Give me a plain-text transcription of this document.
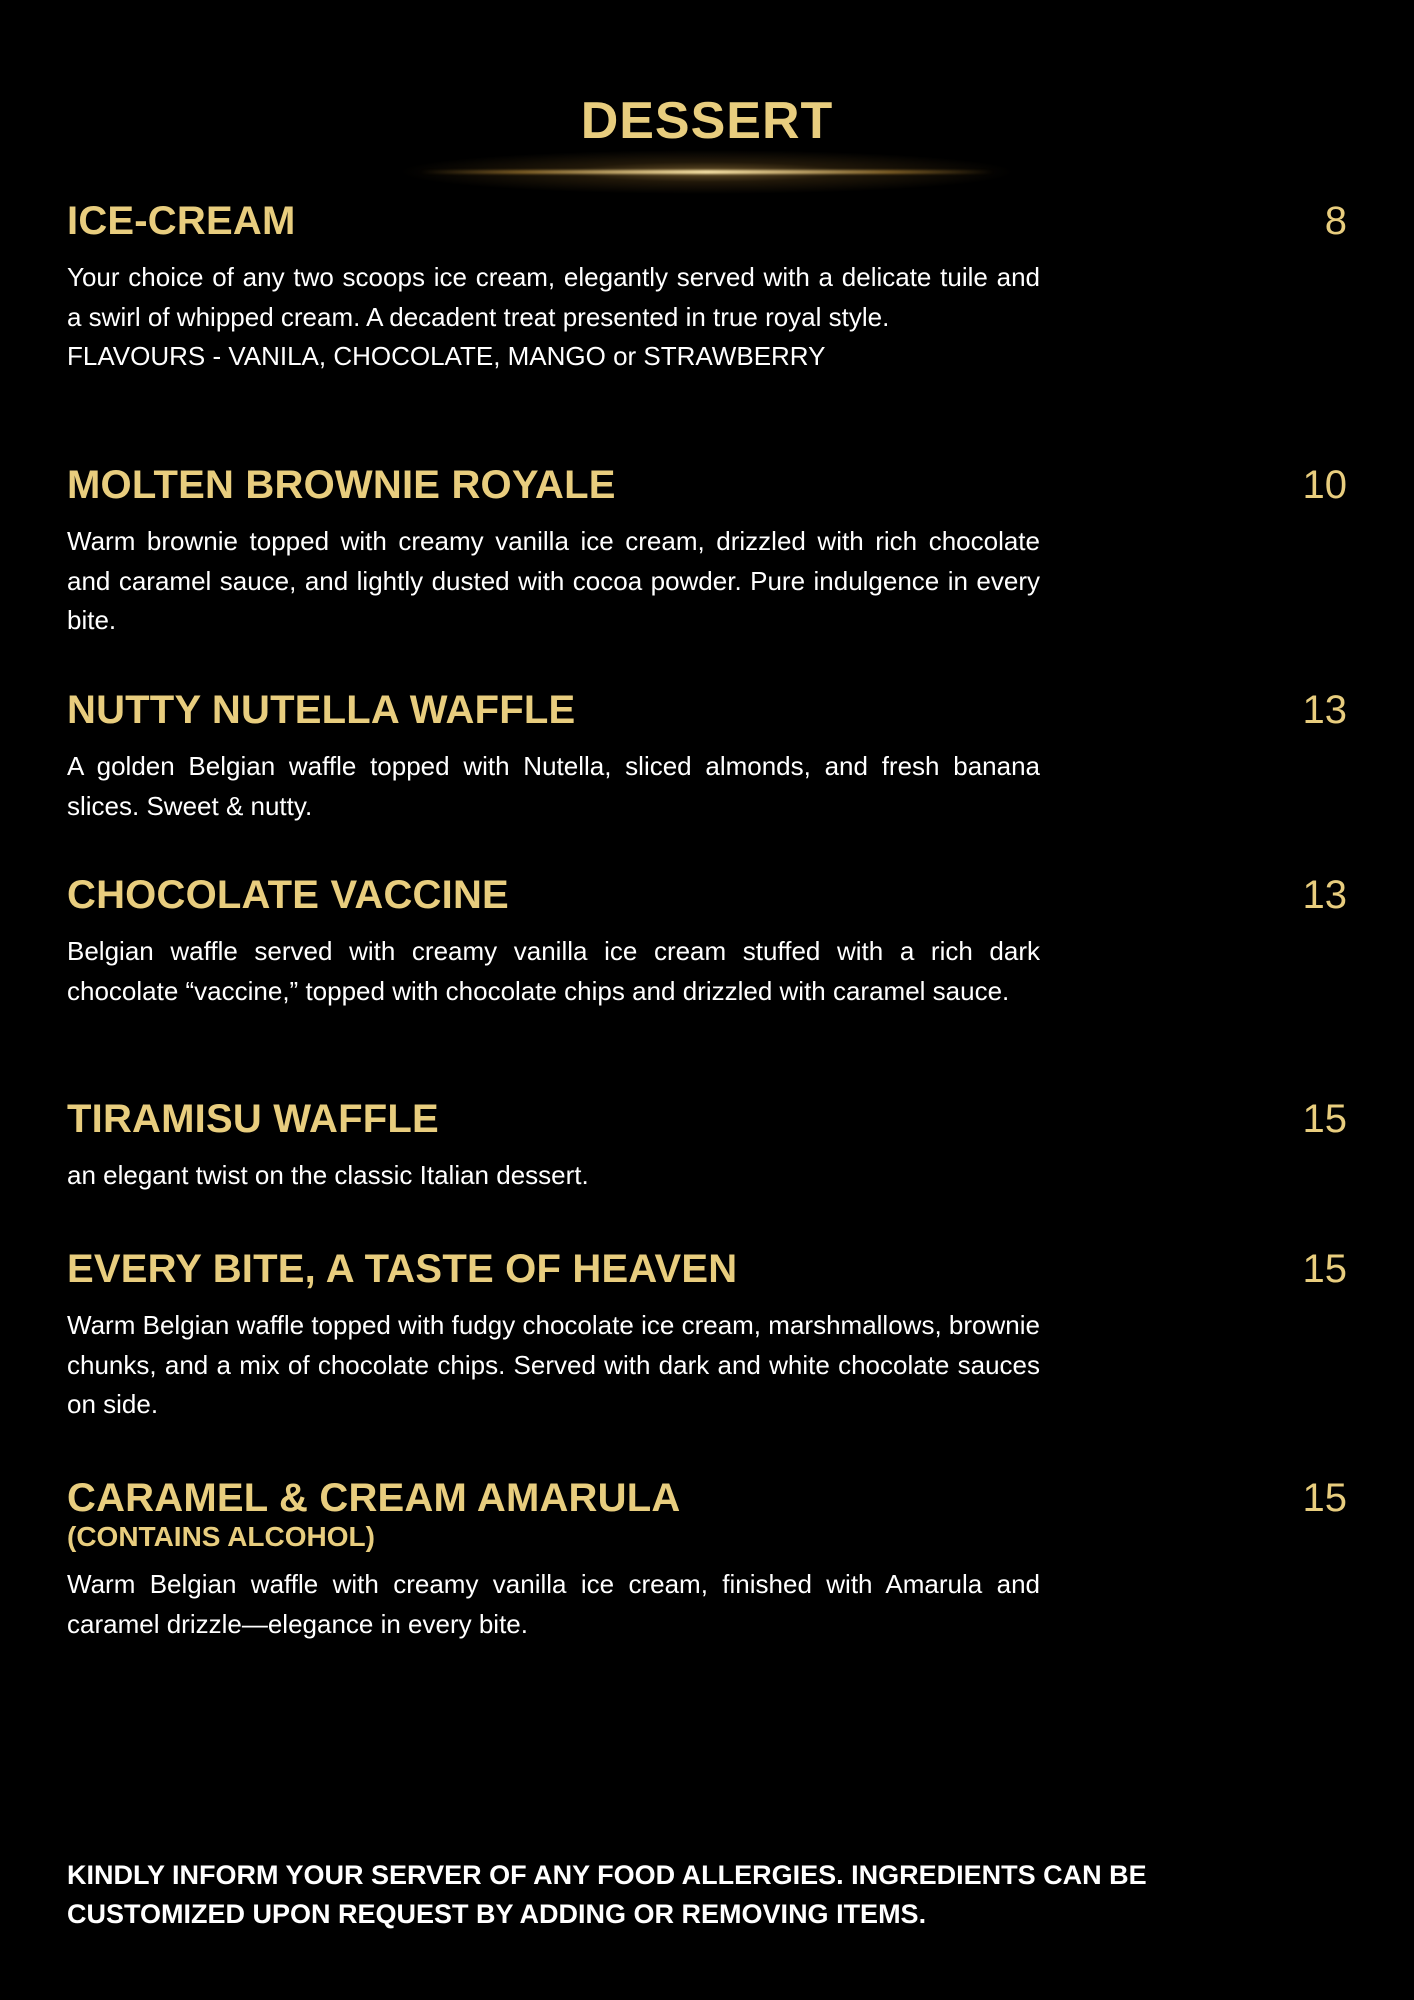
DESSERT
ICE-CREAM	8
Your choice of any two scoops ice cream, elegantly served with a delicate tuile and a swirl of whipped cream. A decadent treat presented in true royal style.
FLAVOURS - VANILA, CHOCOLATE, MANGO or STRAWBERRY
MOLTEN BROWNIE ROYALE	10
Warm brownie topped with creamy vanilla ice cream, drizzled with rich chocolate and caramel sauce, and lightly dusted with cocoa powder. Pure indulgence in every bite.
NUTTY NUTELLA WAFFLE	13
A golden Belgian waffle topped with Nutella, sliced almonds, and fresh banana slices. Sweet & nutty.
CHOCOLATE VACCINE	13
Belgian waffle served with creamy vanilla ice cream stuffed with a rich dark chocolate “vaccine,” topped with chocolate chips and drizzled with caramel sauce.
TIRAMISU WAFFLE	15
an elegant twist on the classic Italian dessert.
EVERY BITE, A TASTE OF HEAVEN	15
Warm Belgian waffle topped with fudgy chocolate ice cream, marshmallows, brownie chunks, and a mix of chocolate chips. Served with dark and white chocolate sauces on side.
CARAMEL & CREAM AMARULA	15
(CONTAINS ALCOHOL)
Warm Belgian waffle with creamy vanilla ice cream, finished with Amarula and caramel drizzle—elegance in every bite.
KINDLY INFORM YOUR SERVER OF ANY FOOD ALLERGIES. INGREDIENTS CAN BE
CUSTOMIZED UPON REQUEST BY ADDING OR REMOVING ITEMS.
